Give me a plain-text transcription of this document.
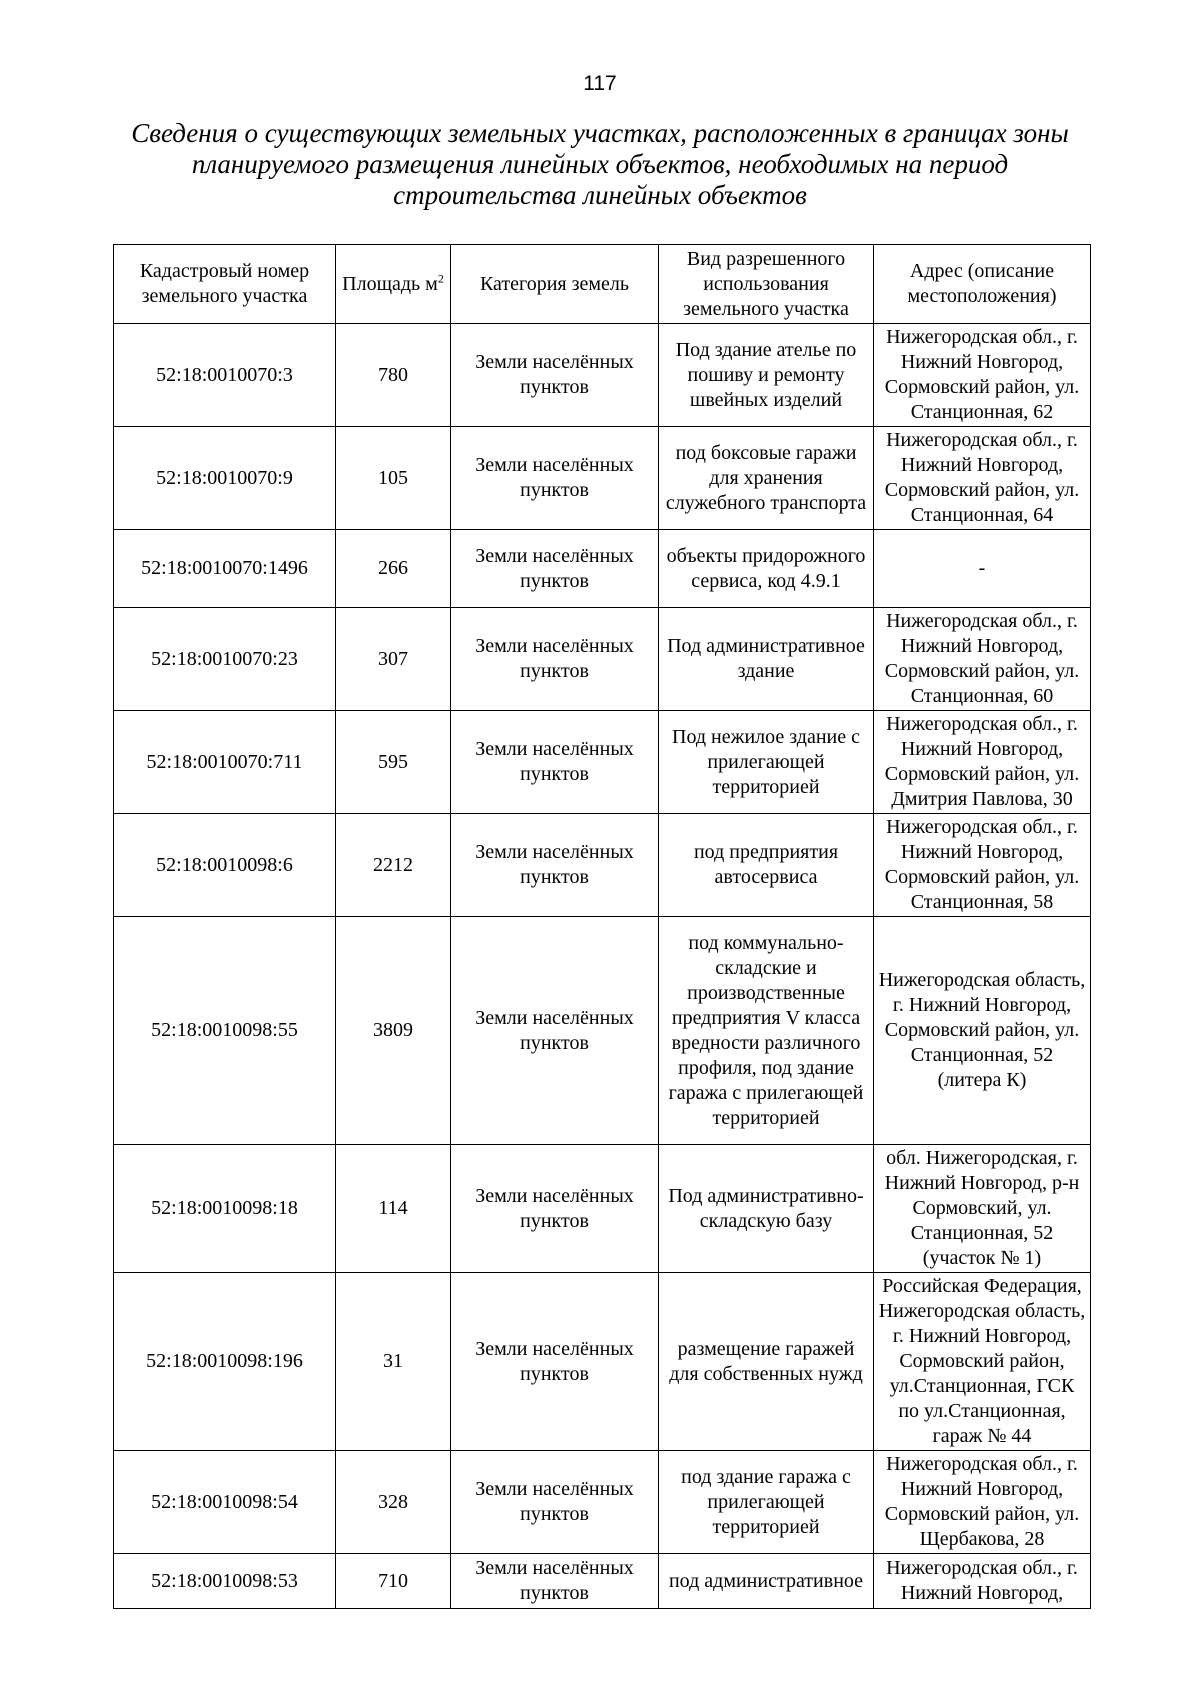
117
Сведения о существующих земельных участках, расположенных в границах зоны планируемого размещения линейных объектов, необходимых на период строительства линейных объектов
Кадастровый номер земельного участка	Площадь $м^2$	Категория земель	Вид разрешенного использования земельного участка	Адрес (описание местоположения)
52:18:0010070:3	780	Земли населённых пунктов	Под здание ателье по пошиву и ремонту швейных изделий	Нижегородская обл., г. Нижний Новгород, Сормовский район, ул. Станционная, 62
52:18:0010070:9	105	Земли населённых пунктов	под боксовые гаражи для хранения служебного транспорта	Нижегородская обл., г. Нижний Новгород, Сормовский район, ул. Станционная, 64
52:18:0010070:1496	266	Земли населённых пунктов	объекты придорожного сервиса, код 4.9.1	-
52:18:0010070:23	307	Земли населённых пунктов	Под административное здание	Нижегородская обл., г. Нижний Новгород, Сормовский район, ул. Станционная, 60
52:18:0010070:711	595	Земли населённых пунктов	Под нежилое здание с прилегающей территорией	Нижегородская обл., г. Нижний Новгород, Сормовский район, ул. Дмитрия Павлова, 30
52:18:0010098:6	2212	Земли населённых пунктов	под предприятия автосервиса	Нижегородская обл., г. Нижний Новгород, Сормовский район, ул. Станционная, 58
52:18:0010098:55	3809	Земли населённых пунктов	под коммунально-складские и производственные предприятия V класса вредности различного профиля, под здание гаража с прилегающей территорией	Нижегородская область, г. Нижний Новгород, Сормовский район, ул. Станционная, 52 (литера К)
52:18:0010098:18	114	Земли населённых пунктов	Под административно-складскую базу	обл. Нижегородская, г. Нижний Новгород, р-н Сормовский, ул. Станционная, 52 (участок № 1)
52:18:0010098:196	31	Земли населённых пунктов	размещение гаражей для собственных нужд	Российская Федерация, Нижегородская область, г. Нижний Новгород, Сормовский район, ул.Станционная, ГСК по ул.Станционная, гараж № 44
52:18:0010098:54	328	Земли населённых пунктов	под здание гаража с прилегающей территорией	Нижегородская обл., г. Нижний Новгород, Сормовский район, ул. Щербакова, 28
52:18:0010098:53	710	Земли населённых пунктов	под административное	Нижегородская обл., г. Нижний Новгород,
